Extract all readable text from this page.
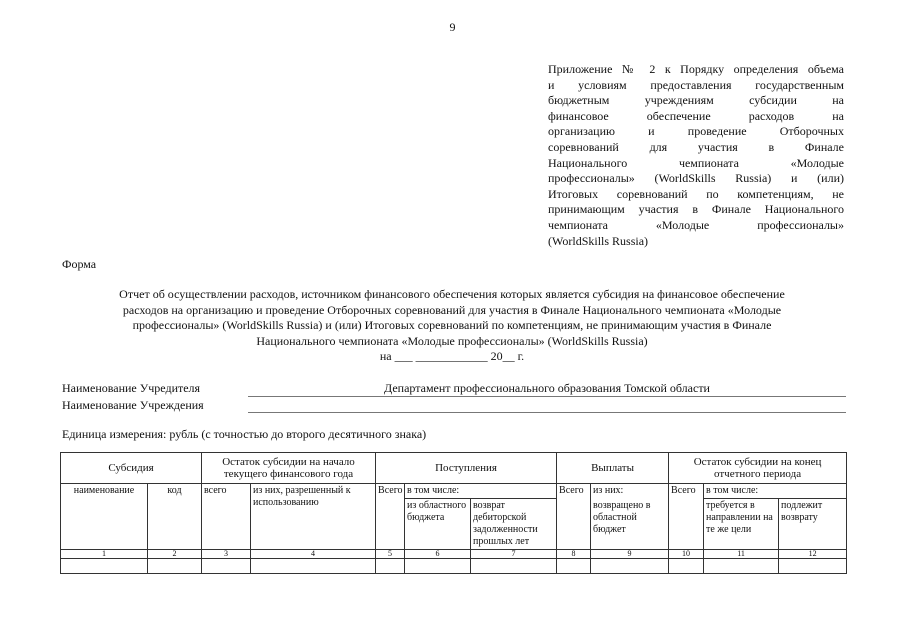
9
Приложение № 2 к Порядку определения объема
и условиям предоставления государственным
бюджетным учреждениям субсидии на
финансовое обеспечение расходов на
организацию и проведение Отборочных
соревнований для участия в Финале
Национального чемпионата «Молодые
профессионалы» (WorldSkills Russia) и (или)
Итоговых соревнований по компетенциям, не
принимающим участия в Финале Национального
чемпионата «Молодые профессионалы»
(WorldSkills Russia)
Форма
Отчет об осуществлении расходов, источником финансового обеспечения которых является субсидия на финансовое обеспечение
расходов на организацию и проведение Отборочных соревнований для участия в Финале Национального чемпионата «Молодые
профессионалы» (WorldSkills Russia) и (или) Итоговых соревнований по компетенциям, не принимающим участия в Финале
Национального чемпионата «Молодые профессионалы» (WorldSkills Russia)
на ___ ____________ 20__ г.
Наименование Учредителя	Департамент профессионального образования Томской области
Наименование Учреждения
Единица измерения: рубль (с точностью до второго десятичного знака)
Субсидия		Остаток субсидии на начало текущего финансового года		Поступления			Выплаты		Остаток субсидии на конец отчетного периода		
наименование	код	всего	из них, разрешенный к использованию	Всего	в том числе:		Всего	из них:	Всего	в том числе:	
					из областного бюджета	возврат дебиторской задолженности прошлых лет		возвращено в областной бюджет		требуется в направлении на те же цели	подлежит возврату
1	2	3	4	5	6	7	8	9	10	11	12
